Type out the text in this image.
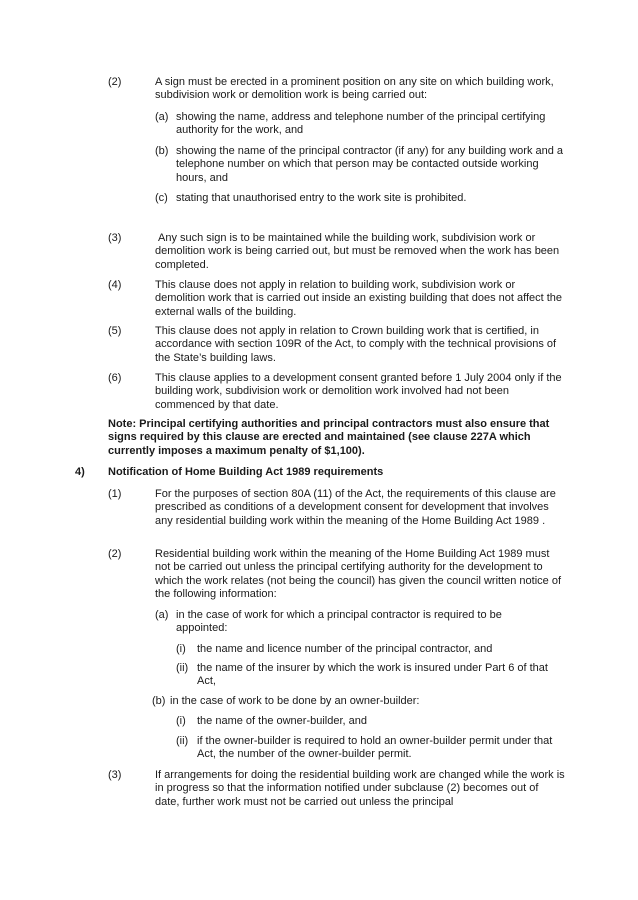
(2)	A sign must be erected in a prominent position on any site on which building work, subdivision work or demolition work is being carried out:
(a) showing the name, address and telephone number of the principal certifying authority for the work, and
(b) showing the name of the principal contractor (if any) for any building work and a telephone number on which that person may be contacted outside working hours, and
(c) stating that unauthorised entry to the work site is prohibited.
(3)	Any such sign is to be maintained while the building work, subdivision work or demolition work is being carried out, but must be removed when the work has been completed.
(4)	This clause does not apply in relation to building work, subdivision work or demolition work that is carried out inside an existing building that does not affect the external walls of the building.
(5)	This clause does not apply in relation to Crown building work that is certified, in accordance with section 109R of the Act, to comply with the technical provisions of the State’s building laws.
(6)	This clause applies to a development consent granted before 1 July 2004 only if the building work, subdivision work or demolition work involved had not been commenced by that date.
Note: Principal certifying authorities and principal contractors must also ensure that signs required by this clause are erected and maintained (see clause 227A which currently imposes a maximum penalty of $1,100).
4) Notification of Home Building Act 1989 requirements
(1)	For the purposes of section 80A (11) of the Act, the requirements of this clause are prescribed as conditions of a development consent for development that involves any residential building work within the meaning of the Home Building Act 1989 .
(2)	Residential building work within the meaning of the Home Building Act 1989 must not be carried out unless the principal certifying authority for the development to which the work relates (not being the council) has given the council written notice of the following information:
(a) in the case of work for which a principal contractor is required to be appointed:
(i) the name and licence number of the principal contractor, and
(ii) the name of the insurer by which the work is insured under Part 6 of that Act,
(b) in the case of work to be done by an owner-builder:
(i) the name of the owner-builder, and
(ii) if the owner-builder is required to hold an owner-builder permit under that Act, the number of the owner-builder permit.
(3)	If arrangements for doing the residential building work are changed while the work is in progress so that the information notified under subclause (2) becomes out of date, further work must not be carried out unless the principal
